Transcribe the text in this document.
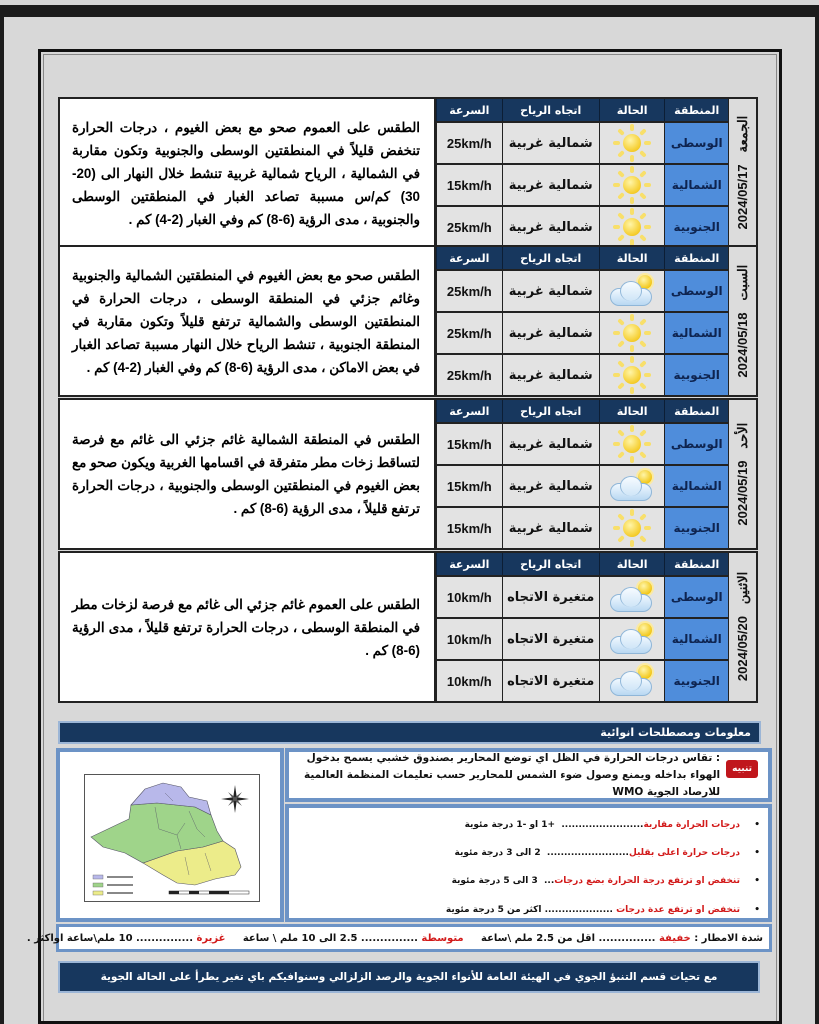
2024/05/17 الجمعة
المنطقة
الحالة
اتجاه الرياح
السرعة
الوسطى
شمالية غربية
25km/h
الشمالية
شمالية غربية
15km/h
الجنوبية
شمالية غربية
25km/h

الطقس على العموم صحو مع بعض الغيوم ، درجات الحرارة تنخفض قليلاً في المنطقتين الوسطى والجنوبية وتكون مقاربة في الشمالية ، الرياح شمالية غربية تنشط خلال النهار الى (20-30) كم/س مسببة تصاعد الغبار في المنطقتين الوسطى والجنوبية ، مدى الرؤية (6-8) كم وفي الغبار (2-4) كم .

2024/05/18 السبت
المنطقة
الحالة
اتجاه الرياح
السرعة
الوسطى
شمالية غربية
25km/h
الشمالية
شمالية غربية
25km/h
الجنوبية
شمالية غربية
25km/h

الطقس صحو مع بعض الغيوم في المنطقتين الشمالية والجنوبية وغائم جزئي في المنطقة الوسطى ، درجات الحرارة في المنطقتين الوسطى والشمالية ترتفع قليلاً وتكون مقاربة في المنطقة الجنوبية ، تنشط الرياح خلال النهار مسببة تصاعد الغبار في بعض الاماكن ، مدى الرؤية (6-8) كم وفي الغبار (2-4) كم .

2024/05/19 الأحد
المنطقة
الحالة
اتجاه الرياح
السرعة
الوسطى
شمالية غربية
15km/h
الشمالية
شمالية غربية
15km/h
الجنوبية
شمالية غربية
15km/h

الطقس في المنطقة الشمالية غائم جزئي الى غائم مع فرصة لتساقط زخات مطر متفرقة في اقسامها الغربية ويكون صحو مع بعض الغيوم في المنطقتين الوسطى والجنوبية ، درجات الحرارة ترتفع قليلاً ، مدى الرؤية (6-8) كم .

2024/05/20 الاثنين
المنطقة
الحالة
اتجاه الرياح
السرعة
الوسطى
متغيرة الاتجاه
10km/h
الشمالية
متغيرة الاتجاه
10km/h
الجنوبية
متغيرة الاتجاه
10km/h

الطقس على العموم غائم جزئي الى غائم مع فرصة لزخات مطر في المنطقة الوسطى ، درجات الحرارة ترتفع قليلاً ، مدى الرؤية (6-8) كم .

معلومات ومصطلحات انوائية
تنبيه
: تقاس درجات الحرارة في الظل اي توضع المحارير بصندوق خشبي يسمح بدخول الهواء بداخله ويمنع وصول ضوء الشمس للمحارير حسب تعليمات المنظمة العالمية للارصاد الجوية WMO
•
درجات الحرارة مقاربة........................  +1 او -1 درجة مئوية
•
درجات حرارة اعلى بقليل........................  2 الى 3 درجة مئوية
•
تنخفض او ترتفع درجة الحرارة بضع درجات...  3 الى 5 درجة مئوية
•
تنخفض او ترتفع عدة درجات .................... اكثر من 5 درجة مئوية
شدة الامطار : خفيفة ............... اقل من 2.5 ملم \ساعة     متوسطة ............... 2.5 الى 10 ملم \ ساعة     غزيرة ............... 10 ملم\ساعة اواكثر .
مع تحيات قسم التنبؤ الجوي في الهيئة العامة للأنواء الجوية والرصد الزلزالي وسنوافيكم باي تغير يطرأ على الحالة الجوية
